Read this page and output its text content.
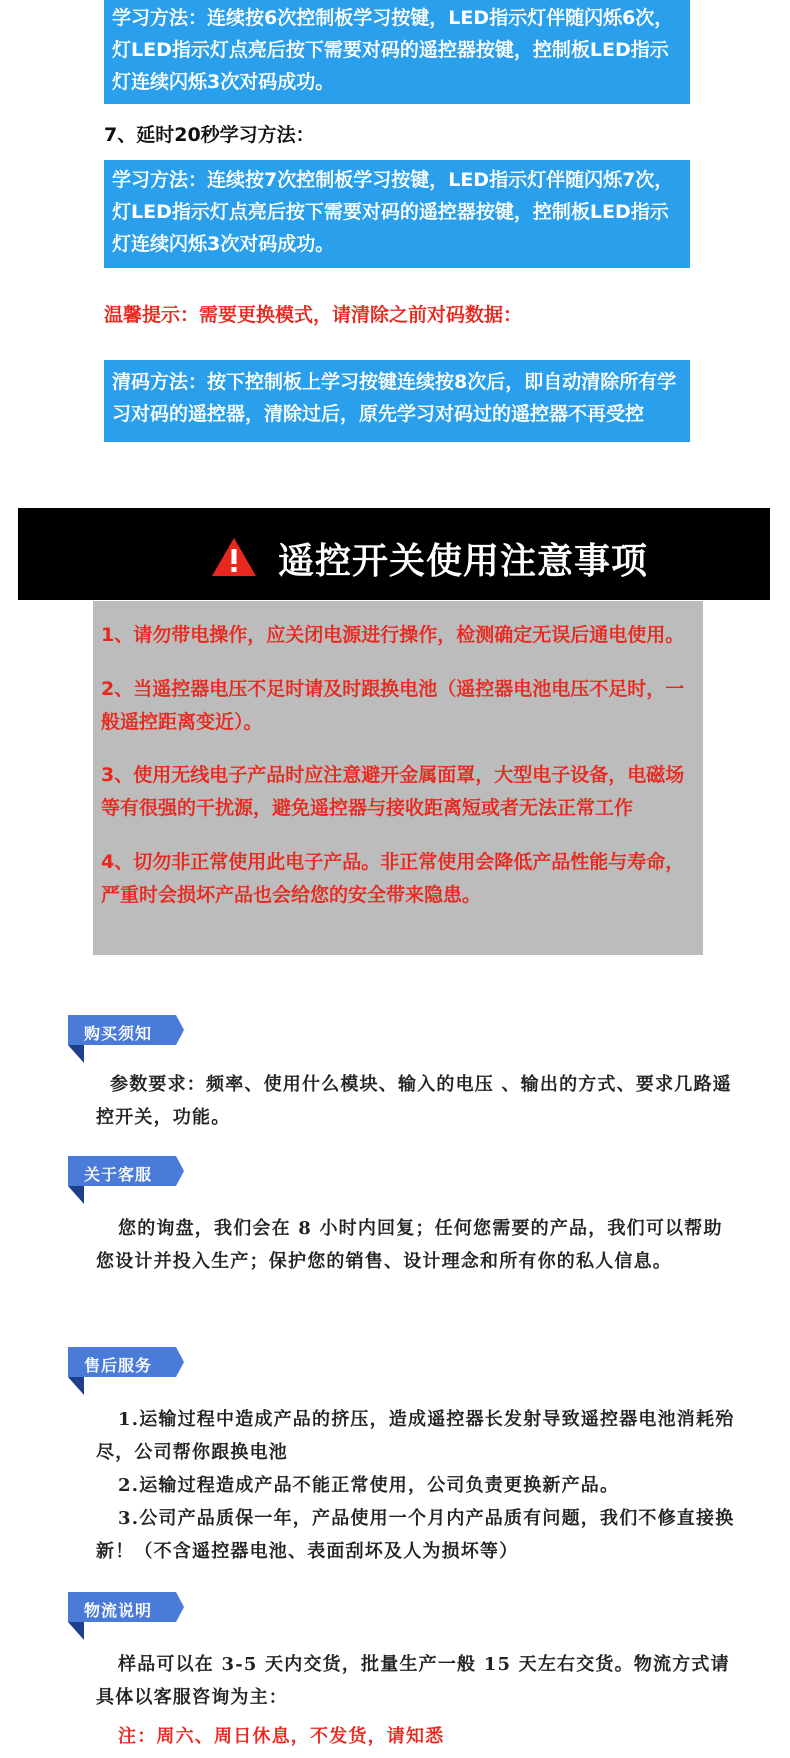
学习方法：连续按6次控制板学习按键，LED指示灯伴随闪烁6次，灯LED指示灯点亮后按下需要对码的遥控器按键，控制板LED指示灯连续闪烁3次对码成功。
7、延时20秒学习方法：
学习方法：连续按7次控制板学习按键，LED指示灯伴随闪烁7次，灯LED指示灯点亮后按下需要对码的遥控器按键，控制板LED指示灯连续闪烁3次对码成功。
温馨提示：需要更换模式，请清除之前对码数据：
清码方法：按下控制板上学习按键连续按8次后，即自动清除所有学习对码的遥控器，清除过后，原先学习对码过的遥控器不再受控
遥控开关使用注意事项
1、请勿带电操作，应关闭电源进行操作，检测确定无误后通电使用。
2、当遥控器电压不足时请及时跟换电池（遥控器电池电压不足时，一般遥控距离变近）。
3、使用无线电子产品时应注意避开金属面罩，大型电子设备，电磁场等有很强的干扰源，避免遥控器与接收距离短或者无法正常工作
4、切勿非正常使用此电子产品。非正常使用会降低产品性能与寿命，严重时会损坏产品也会给您的安全带来隐患。
购买须知
参数要求：频率、使用什么模块、输入的电压 、输出的方式、要求几路遥控开关，功能。
关于客服
您的询盘，我们会在 8 小时内回复；任何您需要的产品，我们可以帮助您设计并投入生产；保护您的销售、设计理念和所有你的私人信息。
售后服务
1.运输过程中造成产品的挤压，造成遥控器长发射导致遥控器电池消耗殆尽，公司帮你跟换电池
2.运输过程造成产品不能正常使用，公司负责更换新产品。
3.公司产品质保一年，产品使用一个月内产品质有问题，我们不修直接换新！（不含遥控器电池、表面刮坏及人为损坏等）
物流说明
样品可以在 3-5 天内交货，批量生产一般 15 天左右交货。物流方式请具体以客服咨询为主：
注：周六、周日休息，不发货，请知悉
